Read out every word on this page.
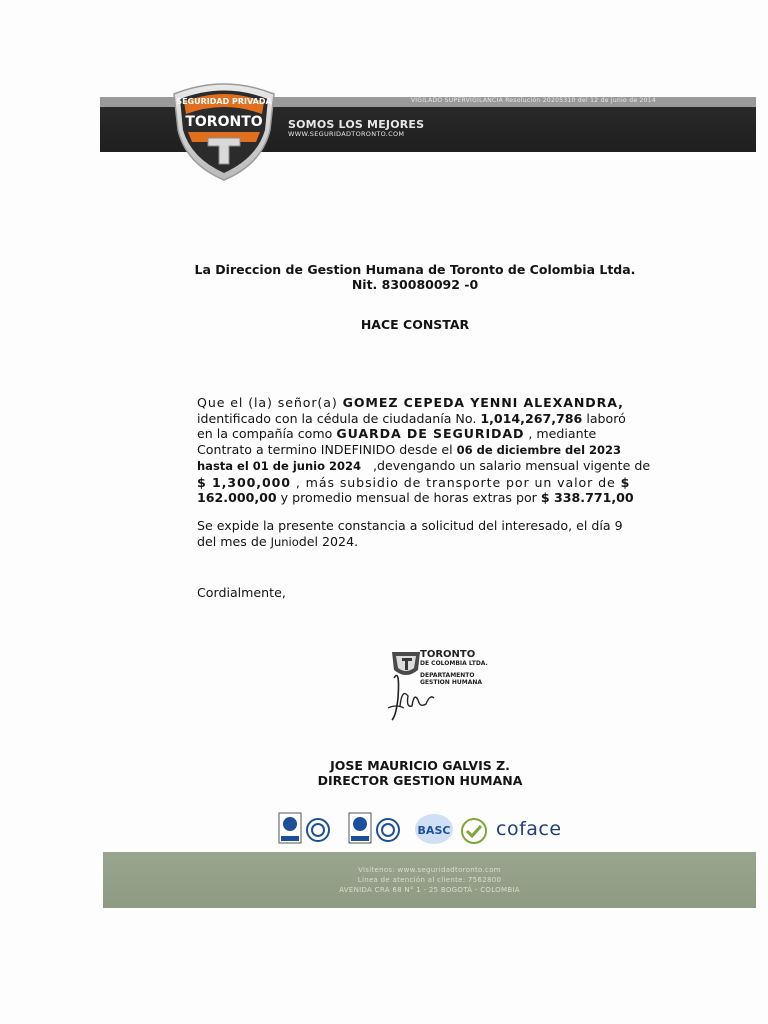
VIGILADO SUPERVIGILANCIA Resolución 20205310 del 12 de junio de 2014
SOMOS LOS MEJORES
WWW.SEGURIDADTORONTO.COM
SEGURIDAD PRIVADA
TORONTO
T
La Direccion de Gestion Humana de Toronto de Colombia Ltda.
Nit. 830080092 -0
HACE CONSTAR
Que el (la) señor(a) GOMEZ CEPEDA YENNI ALEXANDRA,
identificado con la cédula de ciudadanía No. 1,014,267,786 laboró
en la compañía como GUARDA DE SEGURIDAD , mediante
Contrato a termino INDEFINIDO desde el 06 de diciembre del 2023
hasta el 01 de junio 2024 ,devengando un salario mensual vigente de
$ 1,300,000 , más subsidio de transporte por un valor de $
162.000,00 y promedio mensual de horas extras por $ 338.771,00
Se expide la presente constancia a solicitud del interesado, el día 9
del mes de Juniodel 2024.
Cordialmente,
TORONTO
DE COLOMBIA LTDA.
DEPARTAMENTO
GESTION HUMANA
JOSE MAURICIO GALVIS Z.
DIRECTOR GESTION HUMANA
BASC coface
Visítenos: www.seguridadtoronto.com
Línea de atención al cliente: 7562800
AVENIDA CRA 68 N° 1 - 25 BOGOTÁ - COLOMBIA
